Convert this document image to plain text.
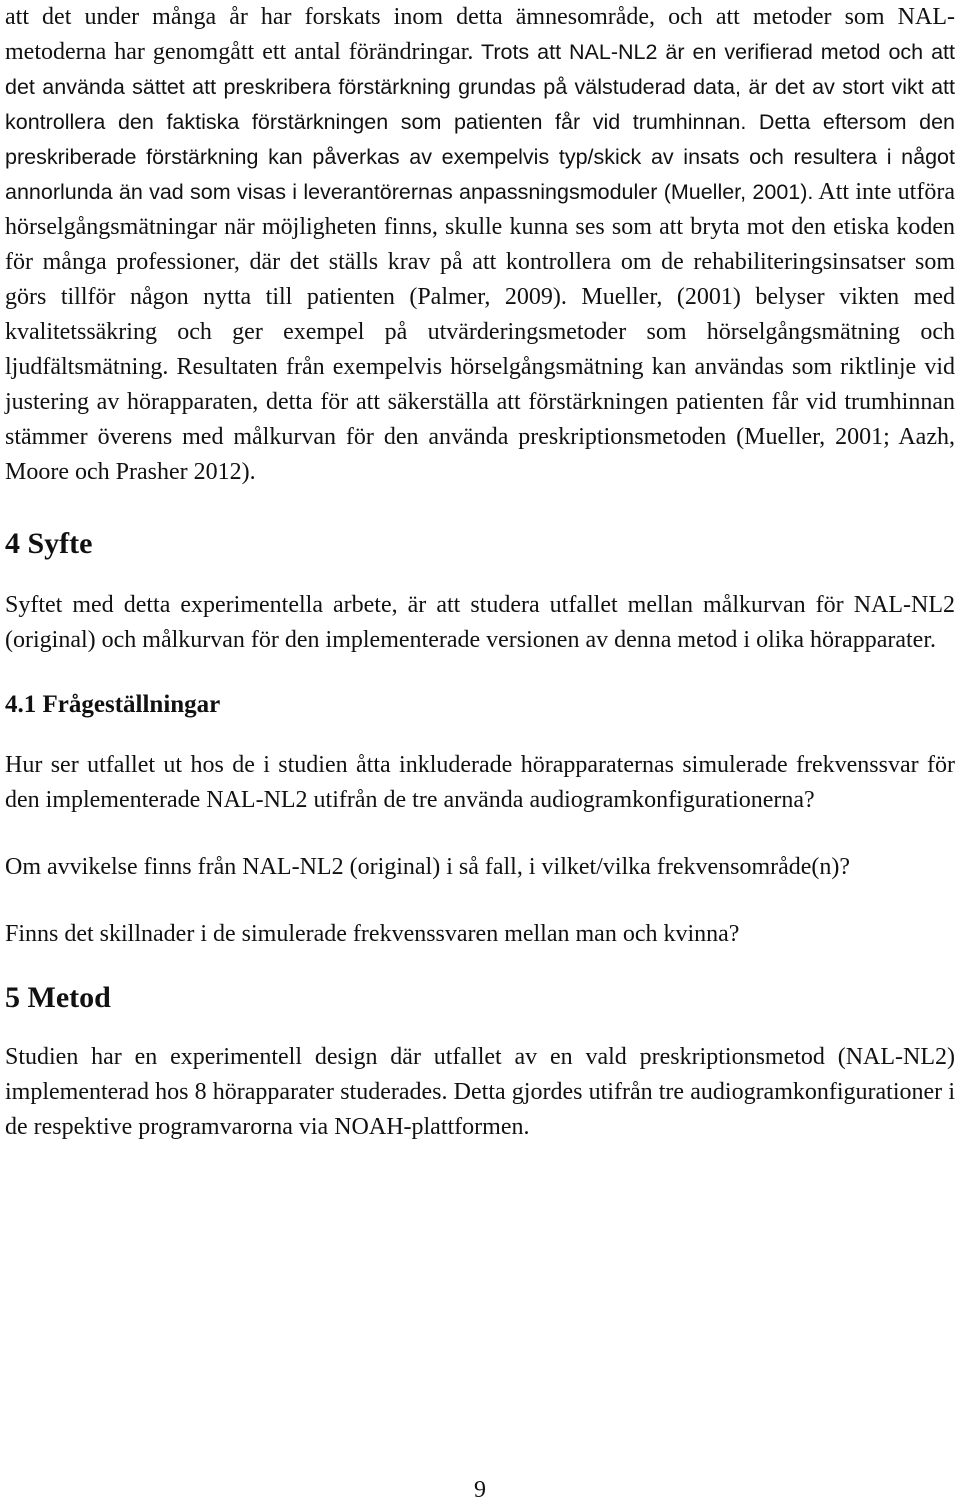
att det under många år har forskats inom detta ämnesområde, och att metoder som NAL-metoderna har genomgått ett antal förändringar. Trots att NAL-NL2 är en verifierad metod och att det använda sättet att preskribera förstärkning grundas på välstuderad data, är det av stort vikt att kontrollera den faktiska förstärkningen som patienten får vid trumhinnan. Detta eftersom den preskriberade förstärkning kan påverkas av exempelvis typ/skick av insats och resultera i något annorlunda än vad som visas i leverantörernas anpassningsmoduler (Mueller, 2001). Att inte utföra hörselgångsmätningar när möjligheten finns, skulle kunna ses som att bryta mot den etiska koden för många professioner, där det ställs krav på att kontrollera om de rehabiliteringsinsatser som görs tillför någon nytta till patienten (Palmer, 2009). Mueller, (2001) belyser vikten med kvalitetssäkring och ger exempel på utvärderingsmetoder som hörselgångsmätning och ljudfältsmätning. Resultaten från exempelvis hörselgångsmätning kan användas som riktlinje vid justering av hörapparaten, detta för att säkerställa att förstärkningen patienten får vid trumhinnan stämmer överens med målkurvan för den använda preskriptionsmetoden (Mueller, 2001; Aazh, Moore och Prasher 2012).

4 Syfte

Syftet med detta experimentella arbete, är att studera utfallet mellan målkurvan för NAL-NL2 (original) och målkurvan för den implementerade versionen av denna metod i olika hörapparater.

4.1 Frågeställningar

Hur ser utfallet ut hos de i studien åtta inkluderade hörapparaternas simulerade frekvenssvar för den implementerade NAL-NL2 utifrån de tre använda audiogramkonfigurationerna?

Om avvikelse finns från NAL-NL2 (original) i så fall, i vilket/vilka frekvensområde(n)?

Finns det skillnader i de simulerade frekvenssvaren mellan man och kvinna?

5 Metod

Studien har en experimentell design där utfallet av en vald preskriptionsmetod (NAL-NL2) implementerad hos 8 hörapparater studerades. Detta gjordes utifrån tre audiogramkonfigurationer i de respektive programvarorna via NOAH-plattformen.

9
